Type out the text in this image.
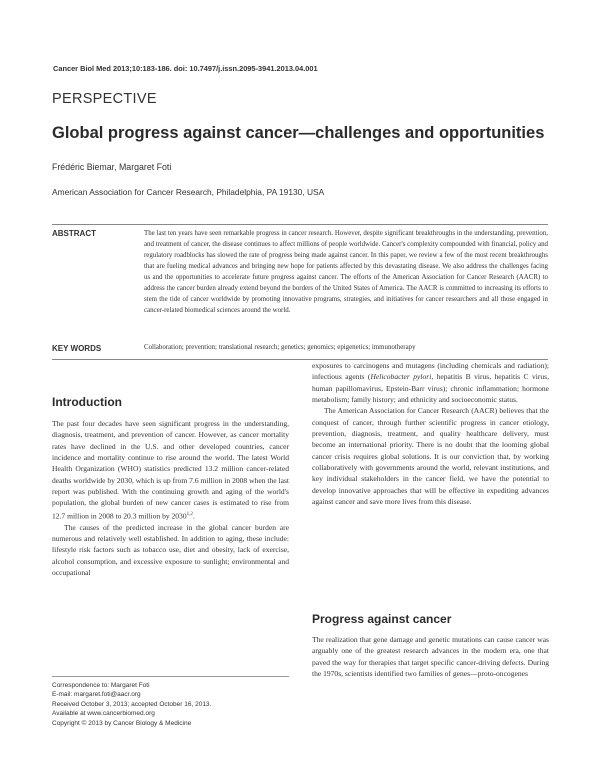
Cancer Biol Med 2013;10:183-186. doi: 10.7497/j.issn.2095-3941.2013.04.001
PERSPECTIVE
Global progress against cancer—challenges and opportunities
Frédéric Biemar, Margaret Foti
American Association for Cancer Research, Philadelphia, PA 19130, USA
ABSTRACT	The last ten years have seen remarkable progress in cancer research. However, despite significant breakthroughs in the understanding, prevention, and treatment of cancer, the disease continues to affect millions of people worldwide. Cancer's complexity compounded with financial, policy and regulatory roadblocks has slowed the rate of progress being made against cancer. In this paper, we review a few of the most recent breakthroughs that are fueling medical advances and bringing new hope for patients affected by this devastating disease. We also address the challenges facing us and the opportunities to accelerate future progress against cancer. The efforts of the American Association for Cancer Research (AACR) to address the cancer burden already extend beyond the borders of the United States of America. The AACR is committed to increasing its efforts to stem the tide of cancer worldwide by promoting innovative programs, strategies, and initiatives for cancer researchers and all those engaged in cancer-related biomedical sciences around the world.

KEY WORDS	Collaboration; prevention; translational research; genetics; genomics; epigenetics; immunotherapy

Introduction

The past four decades have seen significant progress in the understanding, diagnosis, treatment, and prevention of cancer. However, as cancer mortality rates have declined in the U.S. and other developed countries, cancer incidence and mortality continue to rise around the world. The latest World Health Organization (WHO) statistics predicted 13.2 million cancer-related deaths worldwide by 2030, which is up from 7.6 million in 2008 when the last report was published. With the continuing growth and aging of the world's population, the global burden of new cancer cases is estimated to rise from 12.7 million in 2008 to 20.3 million by 2030$^{1,2}$.

The causes of the predicted increase in the global cancer burden are numerous and relatively well established. In addition to aging, these include: lifestyle risk factors such as tobacco use, diet and obesity, lack of exercise, alcohol consumption, and excessive exposure to sunlight; environmental and occupational

exposures to carcinogens and mutagens (including chemicals and radiation); infectious agents (Helicobacter pylori, hepatitis B virus, hepatitis C virus, human papillomavirus, Epstein-Barr virus); chronic inflammation; hormone metabolism; family history; and ethnicity and socioeconomic status.

The American Association for Cancer Research (AACR) believes that the conquest of cancer, through further scientific progress in cancer etiology, prevention, diagnosis, treatment, and quality healthcare delivery, must become an international priority. There is no doubt that the looming global cancer crisis requires global solutions. It is our conviction that, by working collaboratively with governments around the world, relevant institutions, and key individual stakeholders in the cancer field, we have the potential to develop innovative approaches that will be effective in expediting advances against cancer and save more lives from this disease.

Progress against cancer

The realization that gene damage and genetic mutations can cause cancer was arguably one of the greatest research advances in the modern era, one that paved the way for therapies that target specific cancer-driving defects. During the 1970s, scientists identified two families of genes—proto-oncogenes

Correspondence to: Margaret Foti
E-mail: margaret.foti@aacr.org
Received October 3, 2013; accepted October 16, 2013.
Available at www.cancerbiomed.org
Copyright © 2013 by Cancer Biology & Medicine
